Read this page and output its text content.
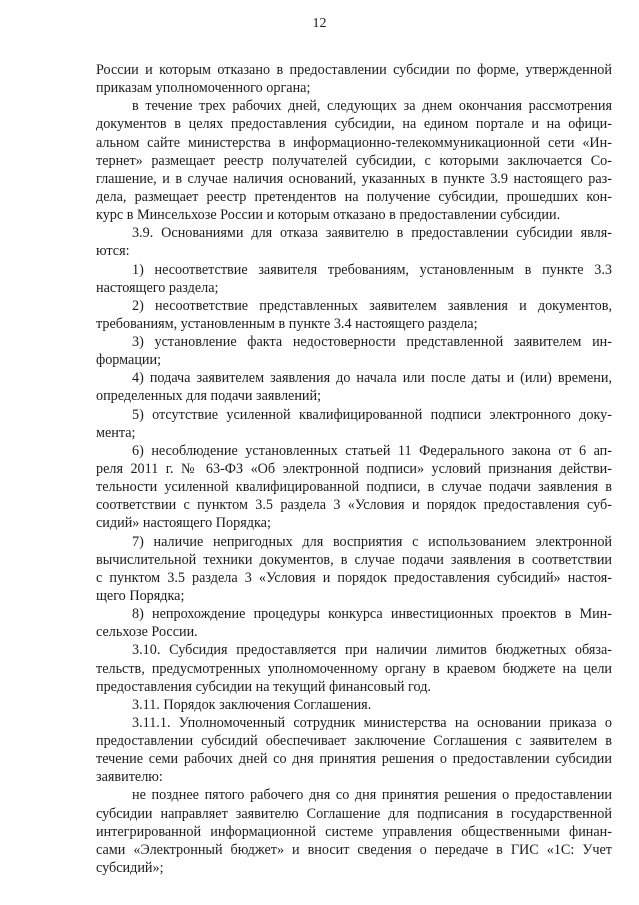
12
России и которым отказано в предоставлении субсидии по форме, утвержденной
приказам уполномоченного органа;
в течение трех рабочих дней, следующих за днем окончания рассмотрения
документов в целях предоставления субсидии, на едином портале и на офици-
альном сайте министерства в информационно-телекоммуникационной сети «Ин-
тернет» размещает реестр получателей субсидии, с которыми заключается Со-
глашение, и в случае наличия оснований, указанных в пункте 3.9 настоящего раз-
дела, размещает реестр претендентов на получение субсидии, прошедших кон-
курс в Минсельхозе России и которым отказано в предоставлении субсидии.
3.9. Основаниями для отказа заявителю в предоставлении субсидии явля-
ются:
1) несоответствие заявителя требованиям, установленным в пункте 3.3
настоящего раздела;
2) несоответствие представленных заявителем заявления и документов,
требованиям, установленным в пункте 3.4 настоящего раздела;
3) установление факта недостоверности представленной заявителем ин-
формации;
4) подача заявителем заявления до начала или после даты и (или) времени,
определенных для подачи заявлений;
5) отсутствие усиленной квалифицированной подписи электронного доку-
мента;
6) несоблюдение установленных статьей 11 Федерального закона от 6 ап-
реля 2011 г. № 63-ФЗ «Об электронной подписи» условий признания действи-
тельности усиленной квалифицированной подписи, в случае подачи заявления в
соответствии с пунктом 3.5 раздела 3 «Условия и порядок предоставления суб-
сидий» настоящего Порядка;
7) наличие непригодных для восприятия с использованием электронной
вычислительной техники документов, в случае подачи заявления в соответствии
с пунктом 3.5 раздела 3 «Условия и порядок предоставления субсидий» настоя-
щего Порядка;
8) непрохождение процедуры конкурса инвестиционных проектов в Мин-
сельхозе России.
3.10. Субсидия предоставляется при наличии лимитов бюджетных обяза-
тельств, предусмотренных уполномоченному органу в краевом бюджете на цели
предоставления субсидии на текущий финансовый год.
3.11. Порядок заключения Соглашения.
3.11.1. Уполномоченный сотрудник министерства на основании приказа о
предоставлении субсидий обеспечивает заключение Соглашения с заявителем в
течение семи рабочих дней со дня принятия решения о предоставлении субсидии
заявителю:
не позднее пятого рабочего дня со дня принятия решения о предоставлении
субсидии направляет заявителю Соглашение для подписания в государственной
интегрированной информационной системе управления общественными финан-
сами «Электронный бюджет» и вносит сведения о передаче в ГИС «1С: Учет
субсидий»;
